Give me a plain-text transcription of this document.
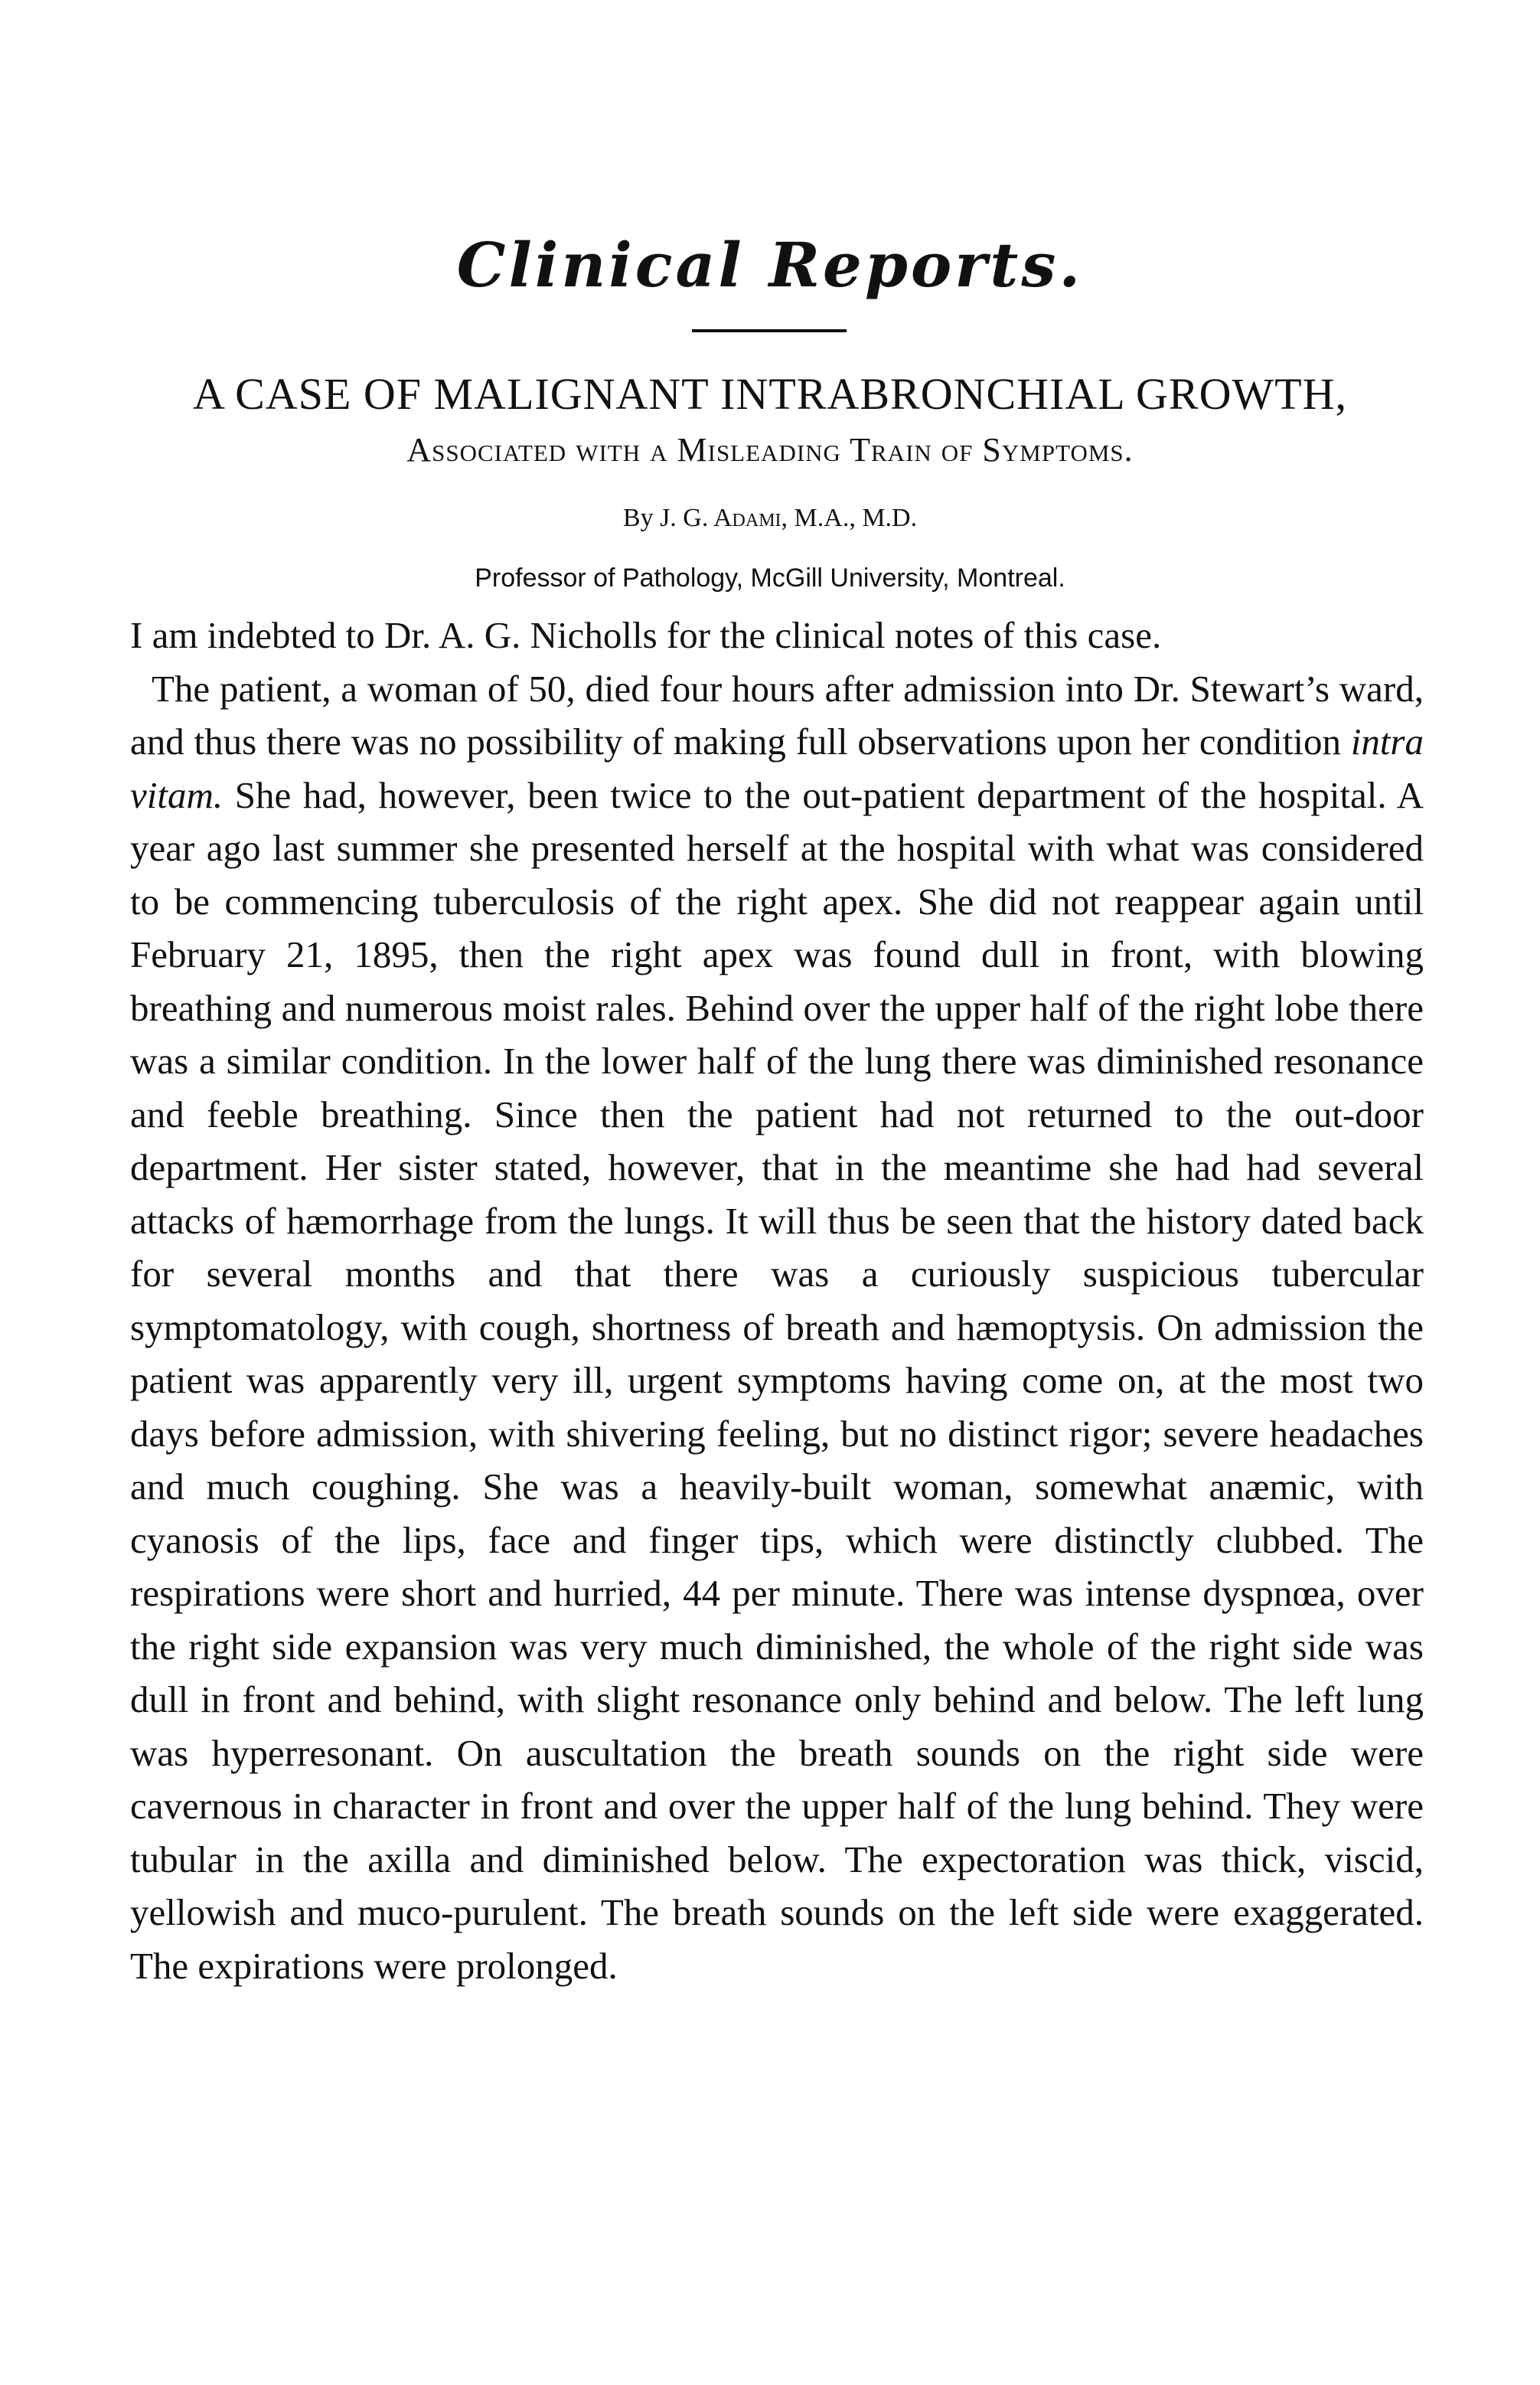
Clinical Reports.
A CASE OF MALIGNANT INTRABRONCHIAL GROWTH,
Associated with a Misleading Train of Symptoms.
By J. G. Adami, M.A., M.D.
Professor of Pathology, McGill University, Montreal.

I am indebted to Dr. A. G. Nicholls for the clinical notes of this case.

The patient, a woman of 50, died four hours after admission into Dr. Stewart’s ward, and thus there was no possibility of making full observations upon her condition intra vitam. She had, however, been twice to the out-patient department of the hospital. A year ago last summer she presented herself at the hospital with what was considered to be commencing tuberculosis of the right apex. She did not reappear again until February 21, 1895, then the right apex was found dull in front, with blowing breathing and numerous moist rales. Behind over the upper half of the right lobe there was a similar condition. In the lower half of the lung there was diminished resonance and feeble breathing. Since then the patient had not returned to the out-door department. Her sister stated, however, that in the meantime she had had several attacks of hæmorrhage from the lungs. It will thus be seen that the history dated back for several months and that there was a curiously suspicious tubercular symptomatology, with cough, shortness of breath and hæmoptysis. On admission the patient was apparently very ill, urgent symptoms having come on, at the most two days before admission, with shivering feeling, but no distinct rigor; severe headaches and much coughing. She was a heavily-built woman, somewhat anæmic, with cyanosis of the lips, face and finger tips, which were distinctly clubbed. The respirations were short and hurried, 44 per minute. There was intense dyspnœa, over the right side expansion was very much diminished, the whole of the right side was dull in front and behind, with slight resonance only behind and below. The left lung was hyperresonant. On auscultation the breath sounds on the right side were cavernous in character in front and over the upper half of the lung behind. They were tubular in the axilla and diminished below. The expectoration was thick, viscid, yellowish and muco-purulent. The breath sounds on the left side were exaggerated. The expirations were prolonged.
